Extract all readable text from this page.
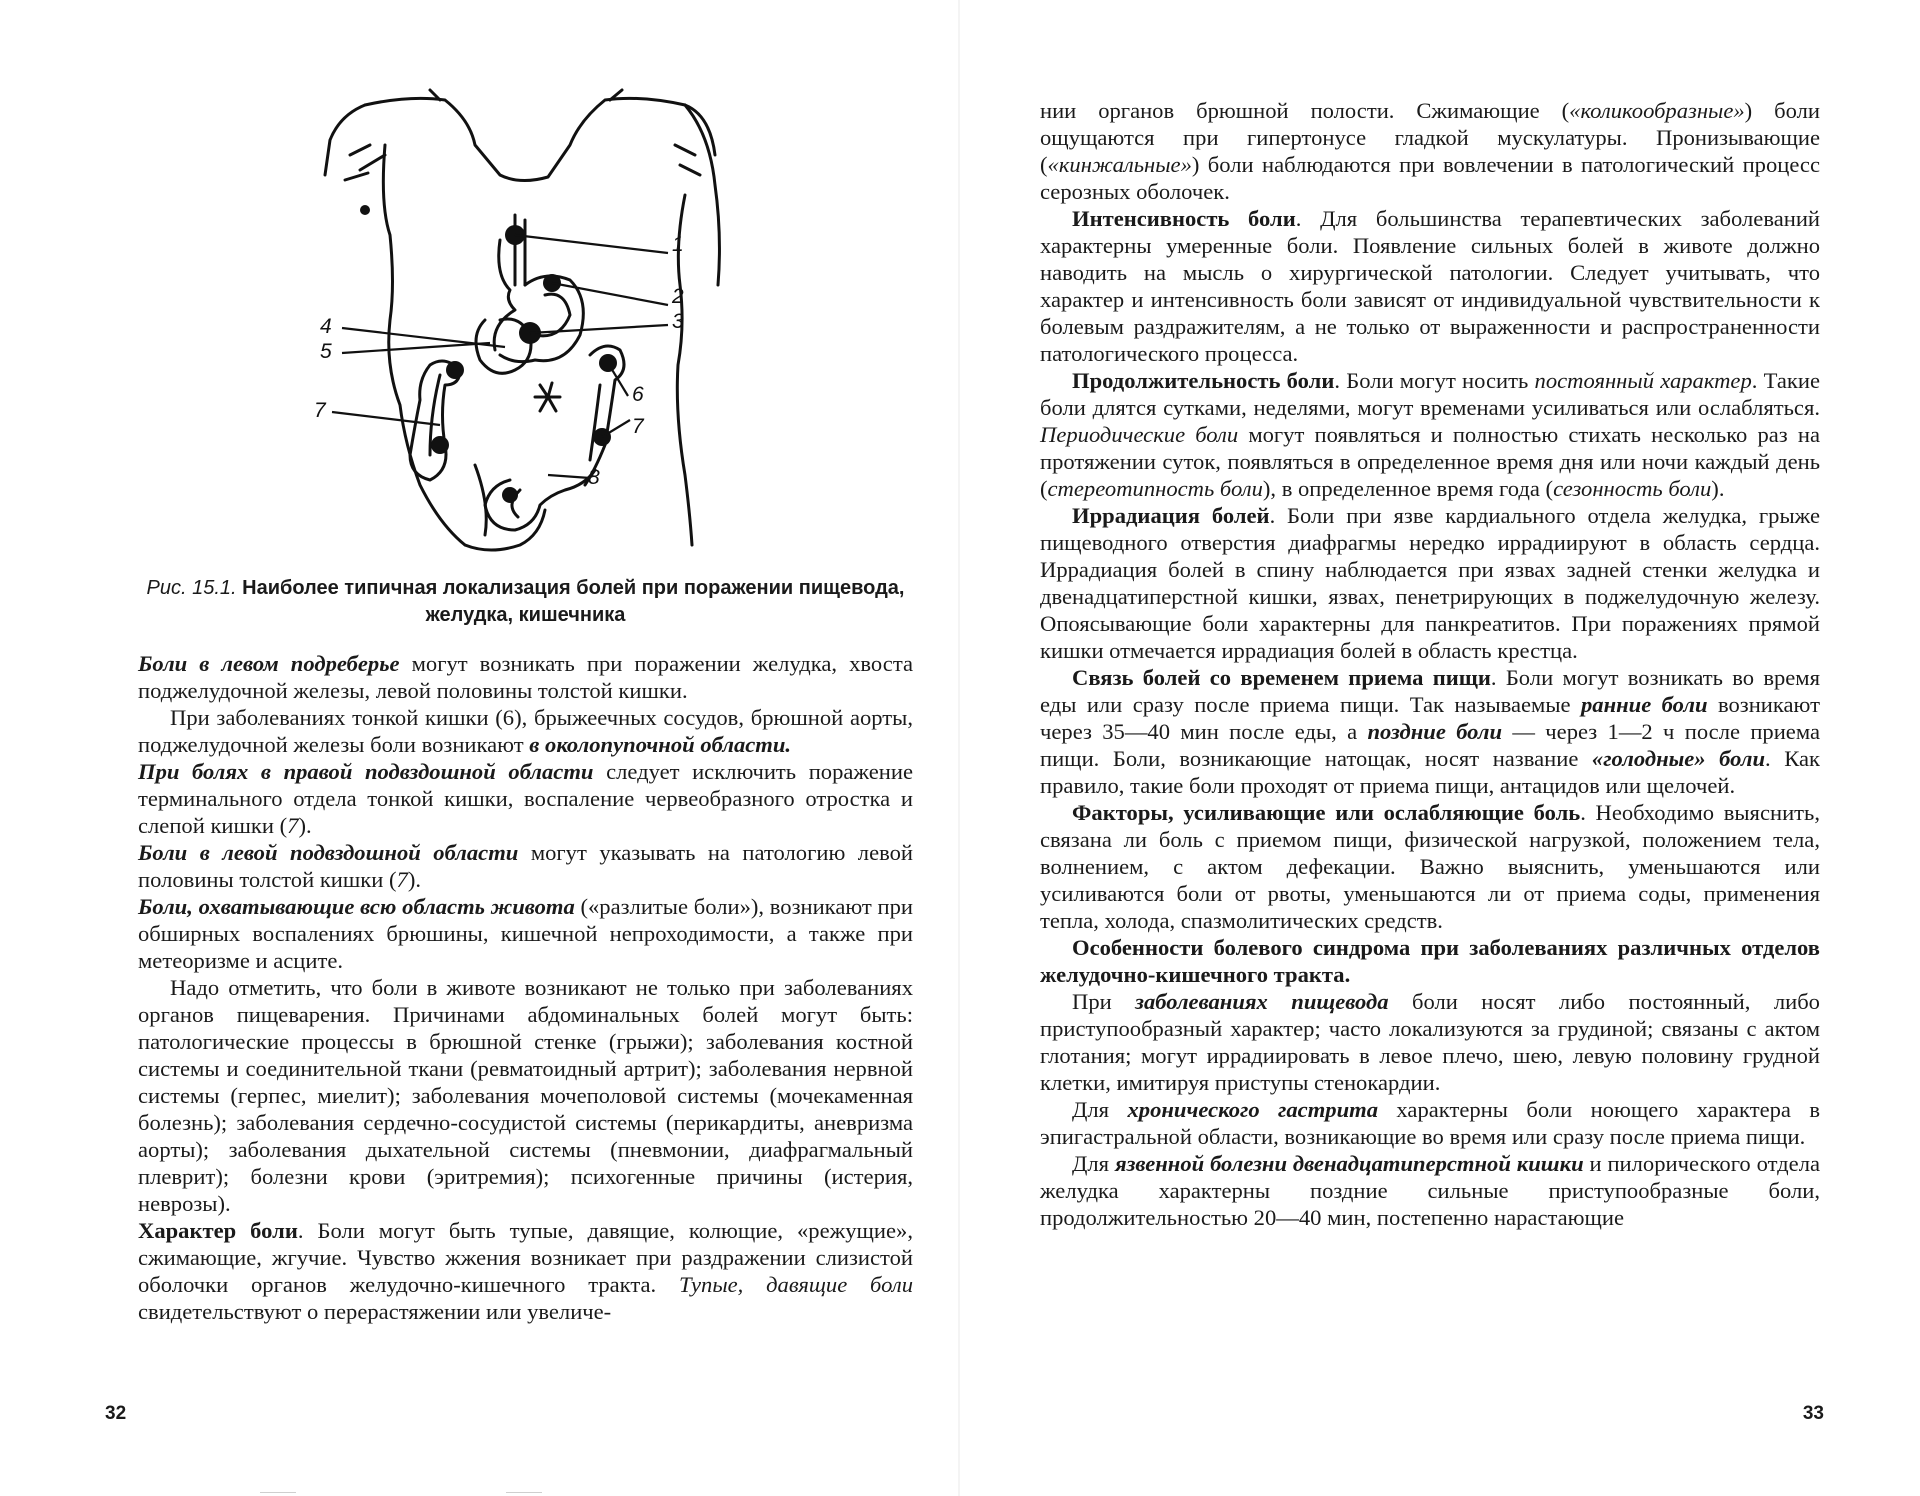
1
2
3
4
5
6
7
7
8
Рис. 15.1. Наиболее типичная локализация болей при поражении пищевода, желудка, кишечника

Боли в левом подреберье могут возникать при поражении желудка, хвоста поджелудочной железы, левой половины толстой кишки.

При заболеваниях тонкой кишки (6), брыжеечных сосудов, брюшной аорты, поджелудочной железы боли возникают в околопупочной области.

При болях в правой подвздошной области следует исключить поражение терминального отдела тонкой кишки, воспаление червеобразного отростка и слепой кишки (7).

Боли в левой подвздошной области могут указывать на патологию левой половины толстой кишки (7).

Боли, охватывающие всю область живота («разлитые боли»), возникают при обширных воспалениях брюшины, кишечной непроходимости, а также при метеоризме и асците.

Надо отметить, что боли в животе возникают не только при заболеваниях органов пищеварения. Причинами абдоминальных болей могут быть: патологические процессы в брюшной стенке (грыжи); заболевания костной системы и соединительной ткани (ревматоидный артрит); заболевания нервной системы (герпес, миелит); заболевания мочеполовой системы (мочекаменная болезнь); заболевания сердечно-сосудистой системы (перикардиты, аневризма аорты); заболевания дыхательной системы (пневмонии, диафрагмальный плеврит); болезни крови (эритремия); психогенные причины (истерия, неврозы).

Характер боли. Боли могут быть тупые, давящие, колющие, «режущие», сжимающие, жгучие. Чувство жжения возникает при раздражении слизистой оболочки органов желудочно-кишечного тракта. Тупые, давящие боли свидетельствуют о перерастяжении или увеличе-

32

нии органов брюшной полости. Сжимающие («коликообразные») боли ощущаются при гипертонусе гладкой мускулатуры. Пронизывающие («кинжальные») боли наблюдаются при вовлечении в патологический процесс серозных оболочек.

Интенсивность боли. Для большинства терапевтических заболеваний характерны умеренные боли. Появление сильных болей в животе должно наводить на мысль о хирургической патологии. Следует учитывать, что характер и интенсивность боли зависят от индивидуальной чувствительности к болевым раздражителям, а не только от выраженности и распространенности патологического процесса.

Продолжительность боли. Боли могут носить постоянный характер. Такие боли длятся сутками, неделями, могут временами усиливаться или ослабляться. Периодические боли могут появляться и полностью стихать несколько раз на протяжении суток, появляться в определенное время дня или ночи каждый день (стереотипность боли), в определенное время года (сезонность боли).

Иррадиация болей. Боли при язве кардиального отдела желудка, грыже пищеводного отверстия диафрагмы нередко иррадиируют в область сердца. Иррадиация болей в спину наблюдается при язвах задней стенки желудка и двенадцатиперстной кишки, язвах, пенетрирующих в поджелудочную железу. Опоясывающие боли характерны для панкреатитов. При поражениях прямой кишки отмечается иррадиация болей в область крестца.

Связь болей со временем приема пищи. Боли могут возникать во время еды или сразу после приема пищи. Так называемые ранние боли возникают через 35—40 мин после еды, а поздние боли — через 1—2 ч после приема пищи. Боли, возникающие натощак, носят название «голодные» боли. Как правило, такие боли проходят от приема пищи, антацидов или щелочей.

Факторы, усиливающие или ослабляющие боль. Необходимо выяснить, связана ли боль с приемом пищи, физической нагрузкой, положением тела, волнением, с актом дефекации. Важно выяснить, уменьшаются или усиливаются боли от рвоты, уменьшаются ли от приема соды, применения тепла, холода, спазмолитических средств.

Особенности болевого синдрома при заболеваниях различных отделов желудочно-кишечного тракта.

При заболеваниях пищевода боли носят либо постоянный, либо приступообразный характер; часто локализуются за грудиной; связаны с актом глотания; могут иррадиировать в левое плечо, шею, левую половину грудной клетки, имитируя приступы стенокардии.

Для хронического гастрита характерны боли ноющего характера в эпигастральной области, возникающие во время или сразу после приема пищи.

Для язвенной болезни двенадцатиперстной кишки и пилорического отдела желудка характерны поздние сильные приступообразные боли, продолжительностью 20—40 мин, постепенно нарастающие

33
